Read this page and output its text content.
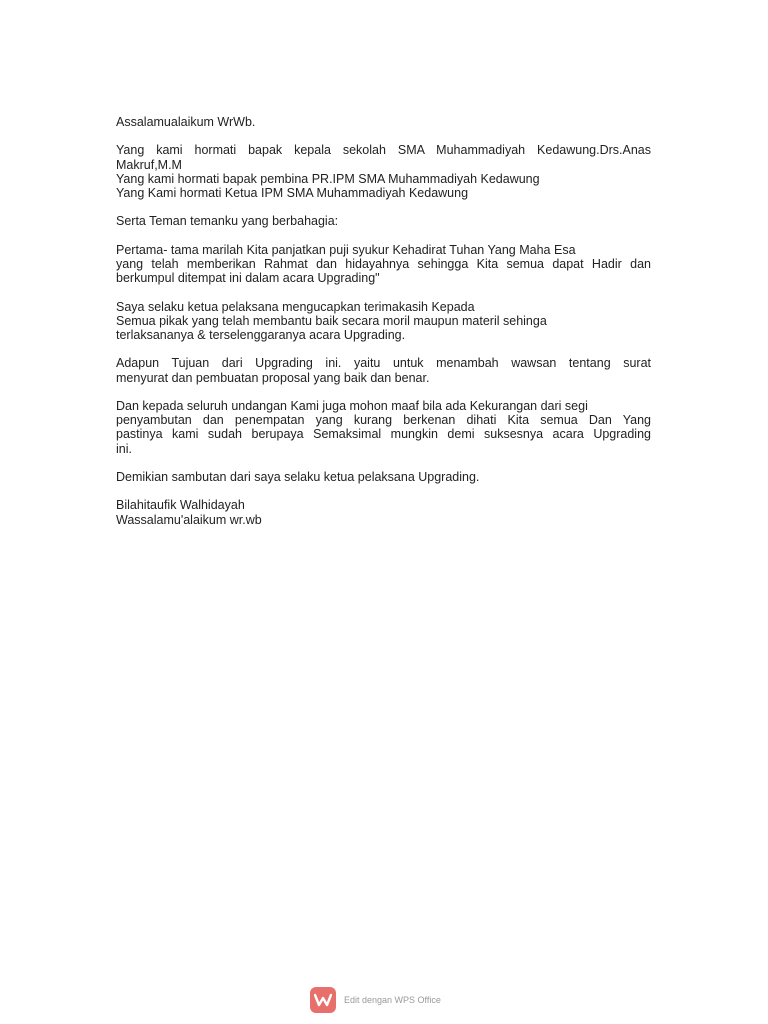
Assalamualaikum WrWb.

Yang kami hormati bapak kepala sekolah SMA Muhammadiyah Kedawung.Drs.Anas
Makruf,M.M
Yang kami hormati bapak pembina PR.IPM SMA Muhammadiyah Kedawung
Yang Kami hormati Ketua IPM SMA Muhammadiyah Kedawung

Serta Teman temanku yang berbahagia:

Pertama- tama marilah Kita panjatkan puji syukur Kehadirat Tuhan Yang Maha Esa
yang telah memberikan Rahmat dan hidayahnya sehingga Kita semua dapat Hadir dan
berkumpul ditempat ini dalam acara Upgrading"

Saya selaku ketua pelaksana mengucapkan terimakasih Kepada
Semua pikak yang telah membantu baik secara moril maupun materil sehinga
terlaksananya & terselenggaranya acara Upgrading.

Adapun Tujuan dari Upgrading ini. yaitu untuk menambah wawsan tentang surat
menyurat dan pembuatan proposal yang baik dan benar.

Dan kepada seluruh undangan Kami juga mohon maaf bila ada Kekurangan dari segi
penyambutan dan penempatan yang kurang berkenan dihati Kita semua Dan Yang
pastinya kami sudah berupaya Semaksimal mungkin demi suksesnya acara Upgrading
ini.

Demikian sambutan dari saya selaku ketua pelaksana Upgrading.

Bilahitaufik Walhidayah
Wassalamu'alaikum wr.wb

Edit dengan WPS Office
